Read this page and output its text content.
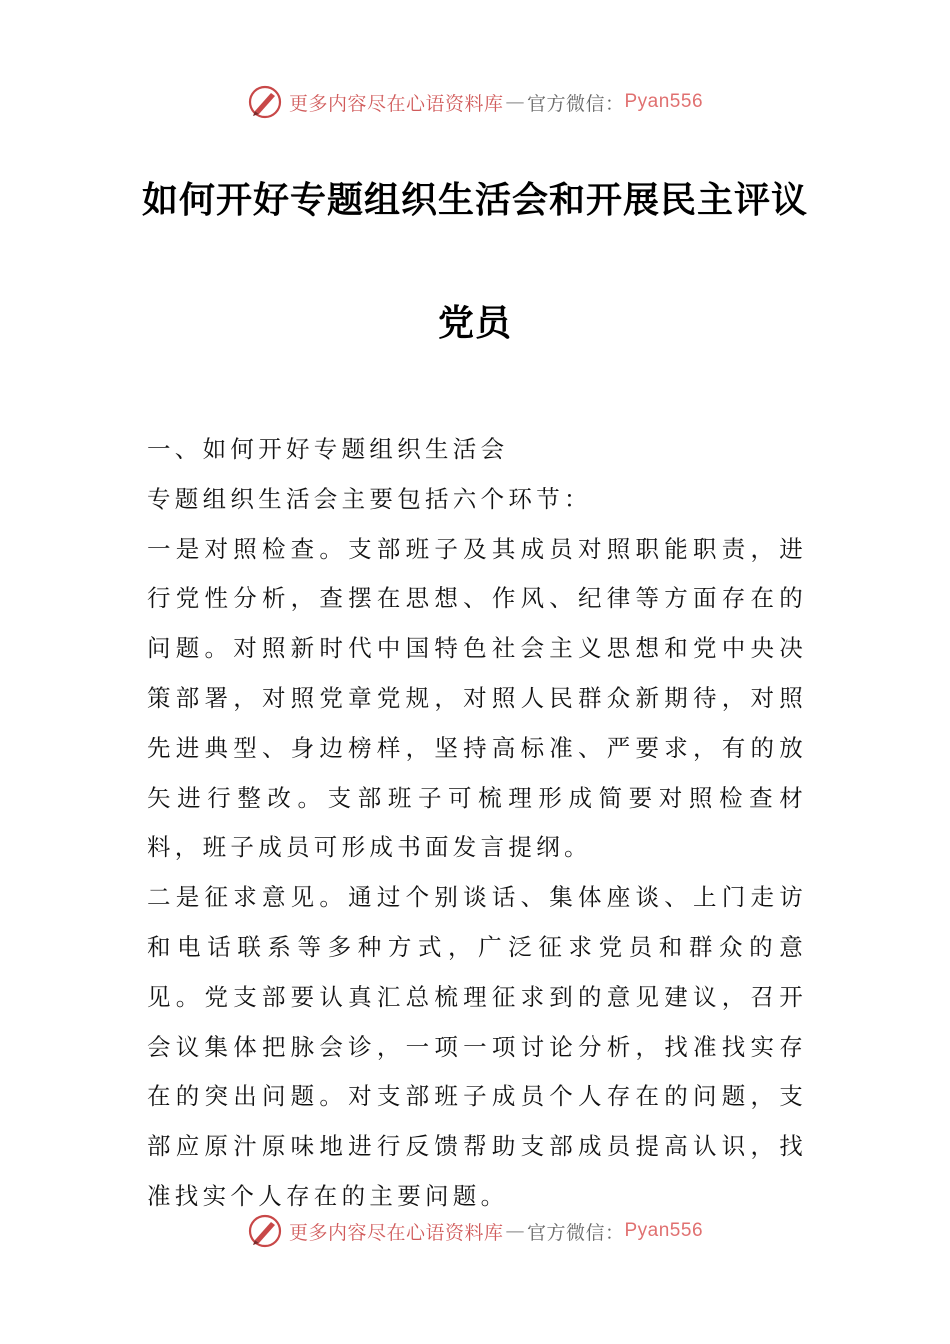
更多内容尽在心语资料库 — 官方微信： Pyan556
如何开好专题组织生活会和开展民主评议
党员

一、如何开好专题组织生活会

专题组织生活会主要包括六个环节：

一是对照检查。支部班子及其成员对照职能职责，进行党性分析，查摆在思想、作风、纪律等方面存在的问题。对照新时代中国特色社会主义思想和党中央决策部署，对照党章党规，对照人民群众新期待，对照先进典型、身边榜样，坚持高标准、严要求，有的放矢进行整改。支部班子可梳理形成简要对照检查材料，班子成员可形成书面发言提纲。

二是征求意见。通过个别谈话、集体座谈、上门走访和电话联系等多种方式，广泛征求党员和群众的意见。党支部要认真汇总梳理征求到的意见建议，召开会议集体把脉会诊，一项一项讨论分析，找准找实存在的突出问题。对支部班子成员个人存在的问题，支部应原汁原味地进行反馈帮助支部成员提高认识，找准找实个人存在的主要问题。

更多内容尽在心语资料库 — 官方微信： Pyan556
